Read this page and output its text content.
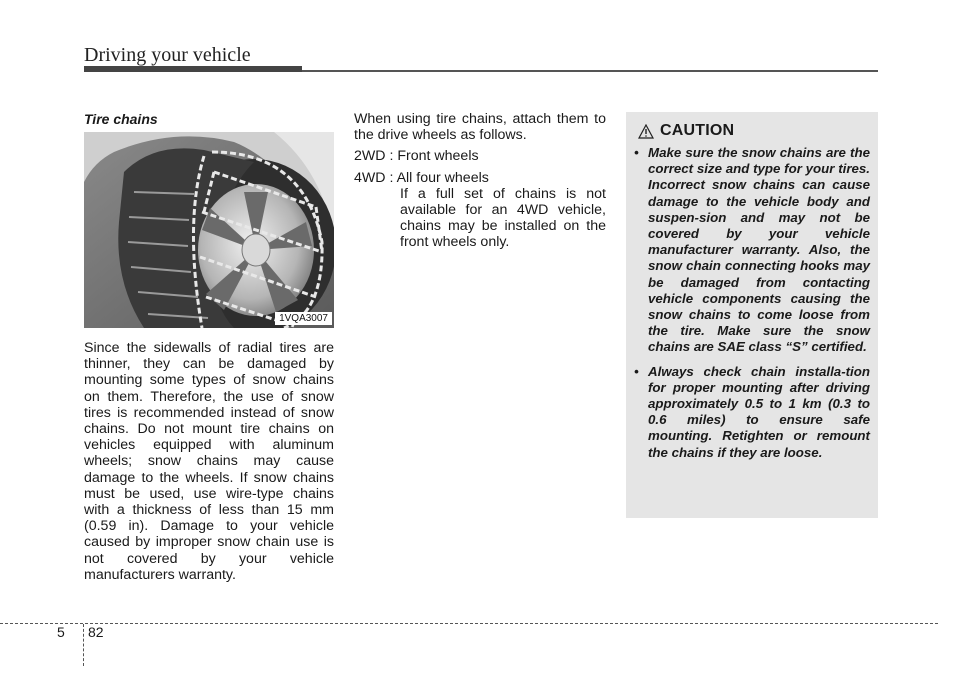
Driving your vehicle
Tire chains
1VQA3007
Since the sidewalls of radial tires are thinner, they can be damaged by mounting some types of snow chains on them. Therefore, the use of snow tires is recommended instead of snow chains. Do not mount tire chains on vehicles equipped with aluminum wheels; snow chains may cause damage to the wheels. If snow chains must be used, use wire-type chains with a thickness of less than 15 mm (0.59 in). Damage to your vehicle caused by improper snow chain use is not covered by your vehicle manufacturers warranty.

When using tire chains, attach them to the drive wheels as follows.

2WD : Front wheels

4WD : All four wheels

If a full set of chains is not available for an 4WD vehicle, chains may be installed on the front wheels only.

CAUTION
• Make sure the snow chains are the correct size and type for your tires. Incorrect snow chains can cause damage to the vehicle body and suspen-sion and may not be covered by your vehicle manufacturer warranty. Also, the snow chain connecting hooks may be damaged from contacting vehicle components causing the snow chains to come loose from the tire. Make sure the snow chains are SAE class “S” certified.
• Always check chain installa-tion for proper mounting after driving approximately 0.5 to 1 km (0.3 to 0.6 miles) to ensure safe mounting. Retighten or remount the chains if they are loose.
5 82
